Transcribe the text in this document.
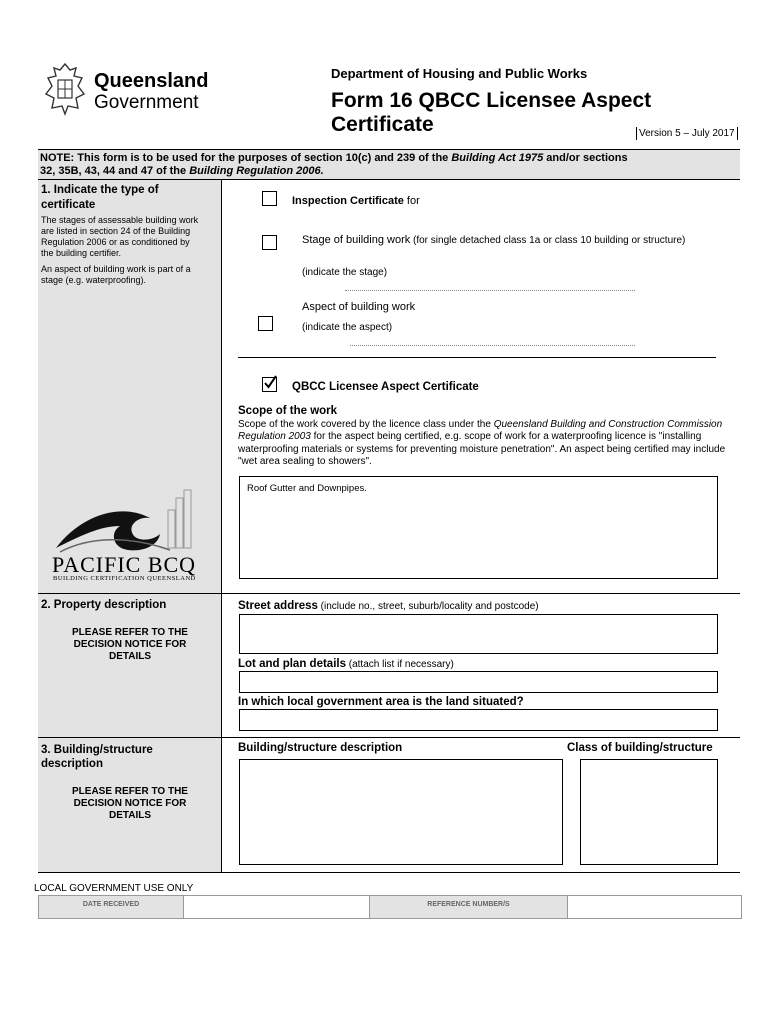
Queensland
Government
Department of Housing and Public Works
Form 16 QBCC Licensee Aspect
Certificate	Version 5 – July 2017
NOTE: This form is to be used for the purposes of section 10(c) and 239 of the Building Act 1975 and/or sections
32, 35B, 43, 44 and 47 of the Building Regulation 2006.
1. Indicate the type of certificate
The stages of assessable building work are listed in section 24 of the Building Regulation 2006 or as conditioned by the building certifier.
An aspect of building work is part of a stage (e.g. waterproofing).
Inspection Certificate for
Stage of building work (for single detached class 1a or class 10 building or structure)
(indicate the stage)
Aspect of building work
(indicate the aspect)
QBCC Licensee Aspect Certificate
Scope of the work
Scope of the work covered by the licence class under the Queensland Building and Construction Commission Regulation 2003 for the aspect being certified, e.g. scope of work for a waterproofing licence is "installing waterproofing materials or systems for preventing moisture penetration". An aspect being certified may include "wet area sealing to showers".
Roof Gutter and Downpipes.
PACIFIC BCQ
BUILDING CERTIFICATION QUEENSLAND
2. Property description
PLEASE REFER TO THE DECISION NOTICE FOR DETAILS
Street address (include no., street, suburb/locality and postcode)
Lot and plan details (attach list if necessary)
In which local government area is the land situated?
3. Building/structure description
PLEASE REFER TO THE DECISION NOTICE FOR DETAILS
Building/structure description	Class of building/structure
LOCAL GOVERNMENT USE ONLY
DATE RECEIVED	REFERENCE NUMBER/S
